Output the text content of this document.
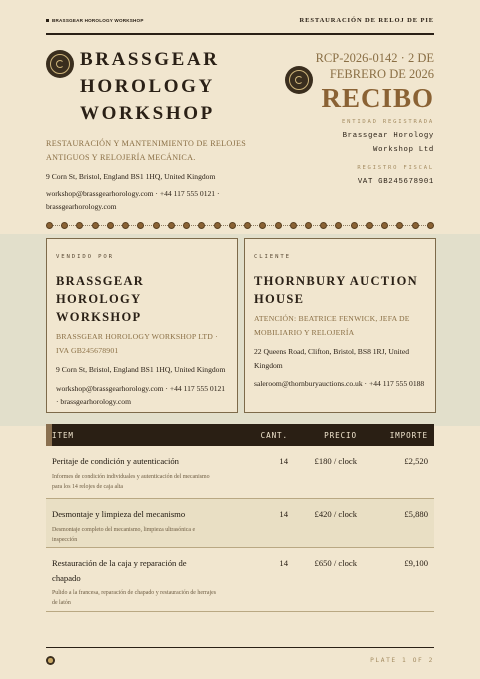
BRASSGEAR HOROLOGY WORKSHOP	RESTAURACIÓN DE RELOJ DE PIE
BRASSGEAR HOROLOGY WORKSHOP
RESTAURACIÓN Y MANTENIMIENTO DE RELOJES ANTIGUOS Y RELOJERÍA MECÁNICA.
9 Corn St, Bristol, England BS1 1HQ, United Kingdom
workshop@brassgearhorology.com · +44 117 555 0121 · brassgearhorology.com
RCP-2026-0142 · 2 DE FEBRERO DE 2026
RECIBO
ENTIDAD REGISTRADA
Brassgear Horology Workshop Ltd
REGISTRO FISCAL
VAT GB245678901
VENDIDO POR
BRASSGEAR HOROLOGY WORKSHOP
BRASSGEAR HOROLOGY WORKSHOP LTD · IVA GB245678901
9 Corn St, Bristol, England BS1 1HQ, United Kingdom
workshop@brassgearhorology.com · +44 117 555 0121 · brassgearhorology.com
CLIENTE
THORNBURY AUCTION HOUSE
ATENCIÓN: BEATRICE FENWICK, JEFA DE MOBILIARIO Y RELOJERÍA
22 Queens Road, Clifton, Bristol, BS8 1RJ, United Kingdom
saleroom@thornburyauctions.co.uk · +44 117 555 0188
ITEM	CANT.	PRECIO	IMPORTE
Peritaje de condición y autenticación
Informes de condición individuales y autenticación del mecanismo para los 14 relojes de caja alta
14	£180 / clock	£2,520
Desmontaje y limpieza del mecanismo
Desmontaje completo del mecanismo, limpieza ultrasónica e inspección
14	£420 / clock	£5,880
Restauración de la caja y reparación de chapado
Pulido a la francesa, reparación de chapado y restauración de herrajes de latón
14	£650 / clock	£9,100
PLATE 1 OF 2
